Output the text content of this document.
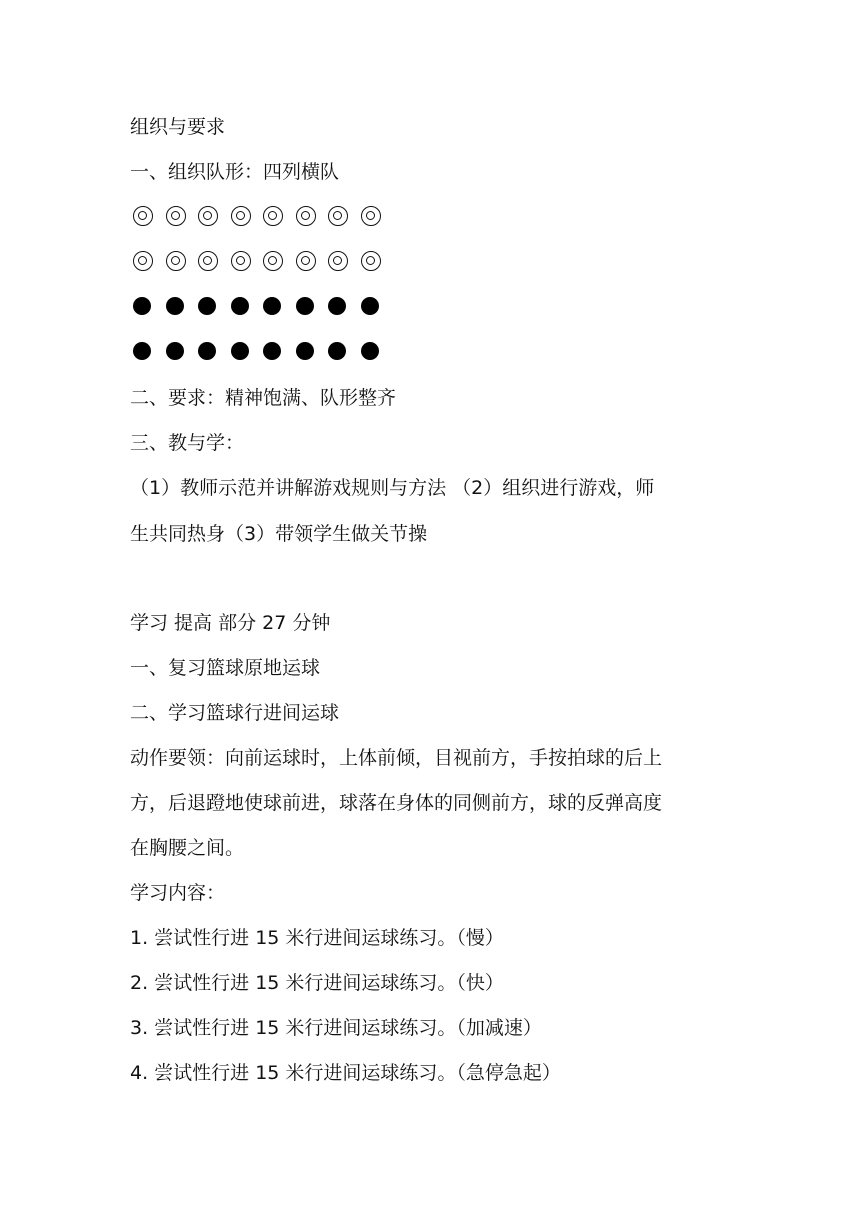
组织与要求
一、组织队形：四列横队
二、要求：精神饱满、队形整齐
三、教与学：
（1）教师示范并讲解游戏规则与方法 （2）组织进行游戏，师
生共同热身（3）带领学生做关节操
学习 提高 部分 27 分钟
一、复习篮球原地运球
二、学习篮球行进间运球
动作要领：向前运球时，上体前倾，目视前方，手按拍球的后上
方，后退蹬地使球前进，球落在身体的同侧前方，球的反弹高度
在胸腰之间。
学习内容：
1. 尝试性行进 15 米行进间运球练习。（慢）
2. 尝试性行进 15 米行进间运球练习。（快）
3. 尝试性行进 15 米行进间运球练习。（加减速）
4. 尝试性行进 15 米行进间运球练习。（急停急起）
